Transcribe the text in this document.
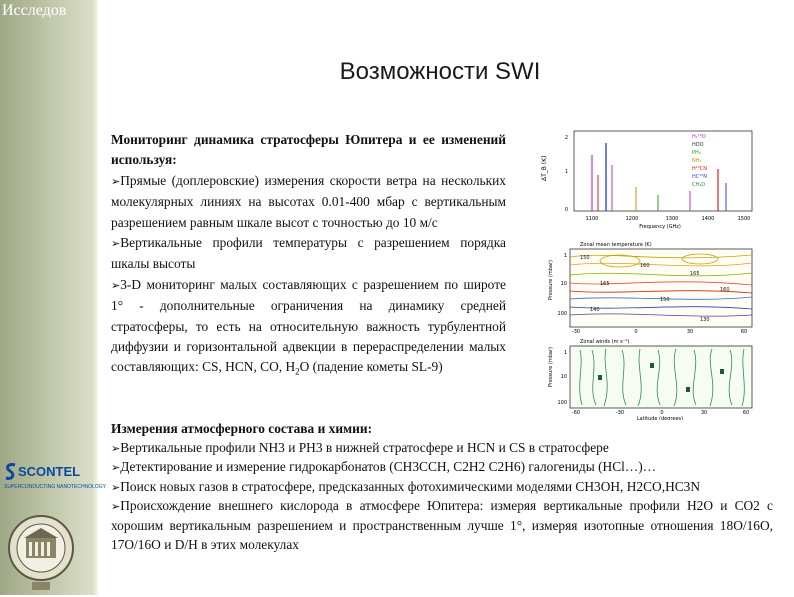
Исследов
SCONTEL
SUPERCONDUCTING NANOTECHNOLOGY
Возможности SWI

Мониторинг динамика стратосферы Юпитера и ее изменений используя:

➢Прямые (доплеровские) измерения скорости ветра на нескольких молекулярных линиях на высотах 0.01-400 мбар с вертикальным разрешением равным шкале высот с точностью до 10 м/с

➢Вертикальные профили температуры с разрешением порядка шкалы высоты

➢3-D мониторинг малых составляющих с разрешением по широте 1° - дополнительные ограничения на динамику средней стратосферы, то есть на относительную важность турбулентной диффузии и горизонтальной адвекции в перераспределении малых составляющих: CS, HCN, CO, $H_2O$ (падение кометы SL-9)

Измерения атмосферного состава и химии:

➢Вертикальные профили NH3 и PH3 в нижней стратосфере и HCN и CS в стратосфере

➢Детектирование и измерение гидрокарбонатов (CH3CCH, C2H2 C2H6) галогениды (HCl…)…

➢Поиск новых газов в стратосфере, предсказанных фотохимическими моделями CH3OH, H2CO,HC3N

➢Происхождение внешнего кислорода в атмосфере Юпитера: измеряя вертикальные профили H2O и CO2 с хорошим вертикальным разрешением и пространственным лучше 1°, измеряя изотопные отношения 18O/16O, 17O/16O и D/H в этих молекулах

ΔT_B (K)
2
1
0
H₂¹⁸O
HDO
PH₃
NH₃
H¹³CN
HC¹⁵N
CH₃D
1100	1200	1300	1400	1500
Frequency (GHz)
Zonal mean temperature (K)
Pressure (mbar)
150
160
165
165
160
150
140
130
1
10
100
-30	0	30	60
Zonal winds (m s⁻¹)
Pressure (mbar) 1
10
100
-60	-30	0	30	60
Latitude (degrees)
